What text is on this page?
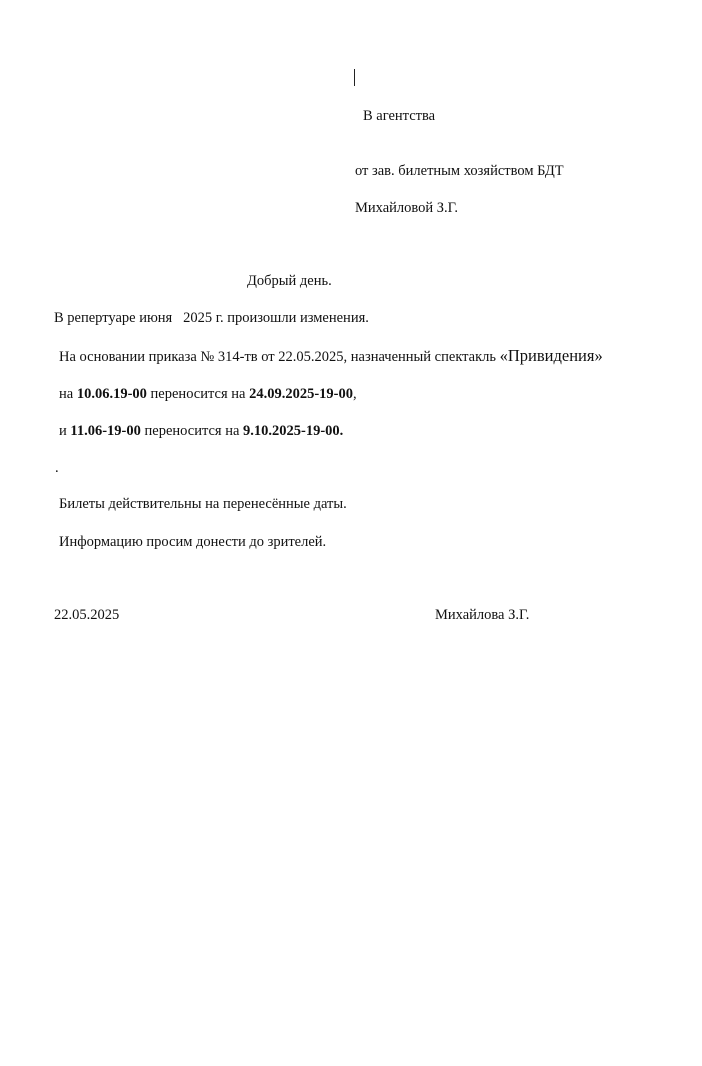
В агентства
от зав. билетным хозяйством БДТ
Михайловой З.Г.
Добрый день.
В репертуаре июня   2025 г. произошли изменения.
На основании приказа № 314-тв от 22.05.2025, назначенный спектакль «Привидения»
на 10.06.19-00 переносится на 24.09.2025-19-00,
и 11.06-19-00 переносится на 9.10.2025-19-00.
.
Билеты действительны на перенесённые даты.
Информацию просим донести до зрителей.
22.05.2025	Михайлова З.Г.
